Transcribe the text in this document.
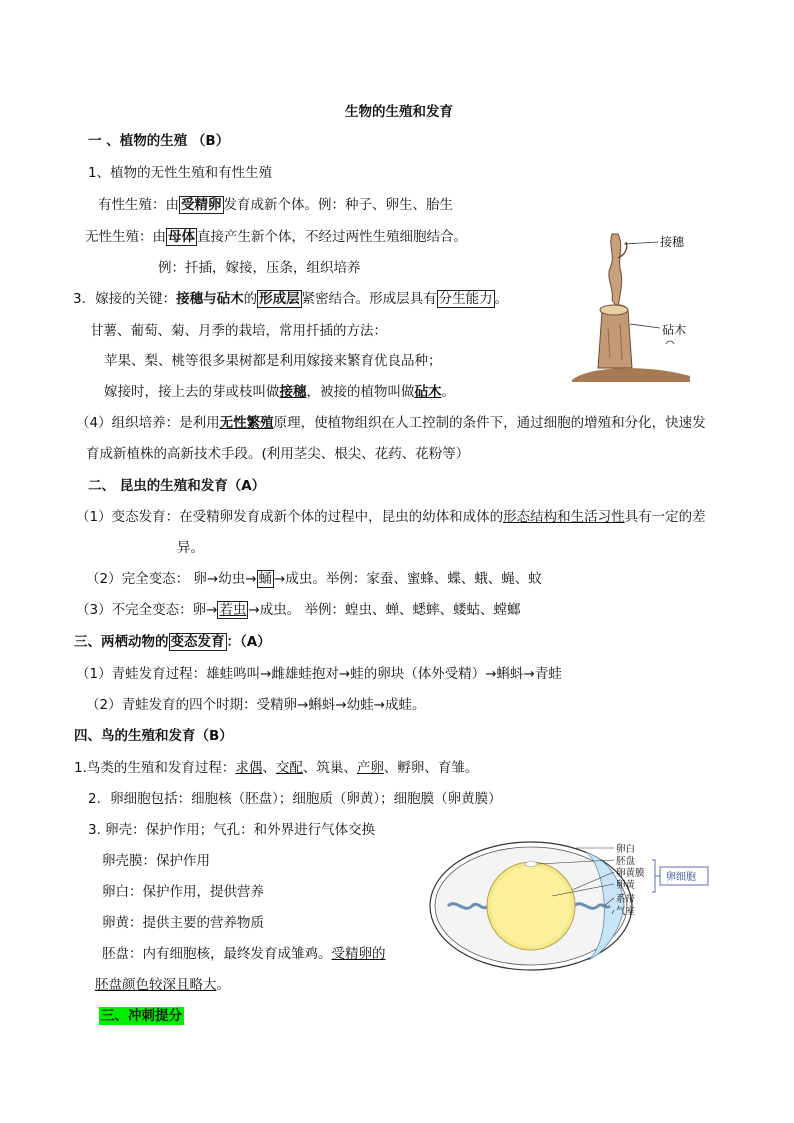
生物的生殖和发育
一 、植物的生殖 （B）
1、植物的无性生殖和有性生殖
有性生殖：由 受精卵 发育成新个体。例：种子、卵生、胎生
无性生殖：由 母体 直接产生新个体，不经过两性生殖细胞结合。
例：扦插，嫁接，压条，组织培养
3．嫁接的关键：接穗与砧木的 形成层 紧密结合。形成层具有 分生能力 。
甘薯、葡萄、菊、月季的栽培，常用扦插的方法：
苹果、梨、桃等很多果树都是利用嫁接来繁育优良品种；
嫁接时，接上去的芽或枝叫做接穗，被接的植物叫做砧木。
（4）组织培养：是利用无性繁殖原理，使植物组织在人工控制的条件下，通过细胞的增殖和分化，快速发
育成新植株的高新技术手段。(利用茎尖、根尖、花药、花粉等）
接穗
砧木
二、 昆虫的生殖和发育（A）
（1）变态发育：在受精卵发育成新个体的过程中，昆虫的幼体和成体的形态结构和生活习性具有一定的差
异。
（2）完全变态： 卵→幼虫→ 蛹 →成虫。举例：家蚕、蜜蜂、蝶、蛾、蝇、蚊
（3）不完全变态：卵→ 若虫 →成虫。 举例：蝗虫、蝉、蟋蟀、蝼蛄、螳螂
三、两栖动物的 变态发育 ：（A）
（1）青蛙发育过程：雄蛙鸣叫→雌雄蛙抱对→蛙的卵块（体外受精）→蝌蚪→青蛙
（2）青蛙发育的四个时期：受精卵→蝌蚪→幼蛙→成蛙。
四、鸟的生殖和发育（B）
1.鸟类的生殖和发育过程：求偶、交配、筑巢、产卵、孵卵、育雏。
2．卵细胞包括：细胞核（胚盘）；细胞质（卵黄）；细胞膜（卵黄膜）
3. 卵壳：保护作用；气孔：和外界进行气体交换
卵壳膜：保护作用
卵白：保护作用，提供营养
卵黄：提供主要的营养物质
胚盘：内有细胞核，最终发育成雏鸡。受精卵的
胚盘颜色较深且略大。
卵白
胚盘
卵黄膜
卵黄
系带
气室
卵细胞
三、冲刺提分
